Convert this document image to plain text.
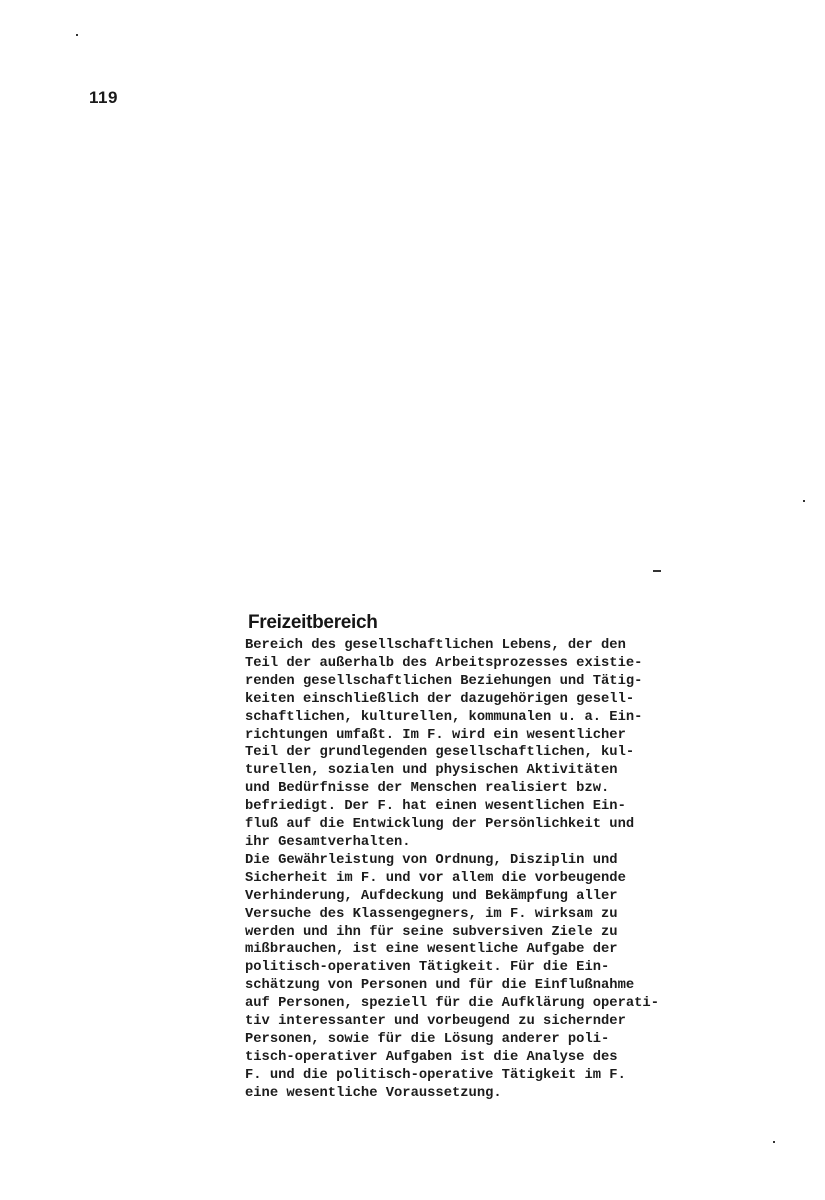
119
Freizeitbereich
Bereich des gesellschaftlichen Lebens, der den
Teil der außerhalb des Arbeitsprozesses existie-
renden gesellschaftlichen Beziehungen und Tätig-
keiten einschließlich der dazugehörigen gesell-
schaftlichen, kulturellen, kommunalen u. a. Ein-
richtungen umfaßt. Im F. wird ein wesentlicher
Teil der grundlegenden gesellschaftlichen, kul-
turellen, sozialen und physischen Aktivitäten
und Bedürfnisse der Menschen realisiert bzw.
befriedigt. Der F. hat einen wesentlichen Ein-
fluß auf die Entwicklung der Persönlichkeit und
ihr Gesamtverhalten.
Die Gewährleistung von Ordnung, Disziplin und
Sicherheit im F. und vor allem die vorbeugende
Verhinderung, Aufdeckung und Bekämpfung aller
Versuche des Klassengegners, im F. wirksam zu
werden und ihn für seine subversiven Ziele zu
mißbrauchen, ist eine wesentliche Aufgabe der
politisch-operativen Tätigkeit. Für die Ein-
schätzung von Personen und für die Einflußnahme
auf Personen, speziell für die Aufklärung operati-
tiv interessanter und vorbeugend zu sichernder
Personen, sowie für die Lösung anderer poli-
tisch-operativer Aufgaben ist die Analyse des
F. und die politisch-operative Tätigkeit im F.
eine wesentliche Voraussetzung.
